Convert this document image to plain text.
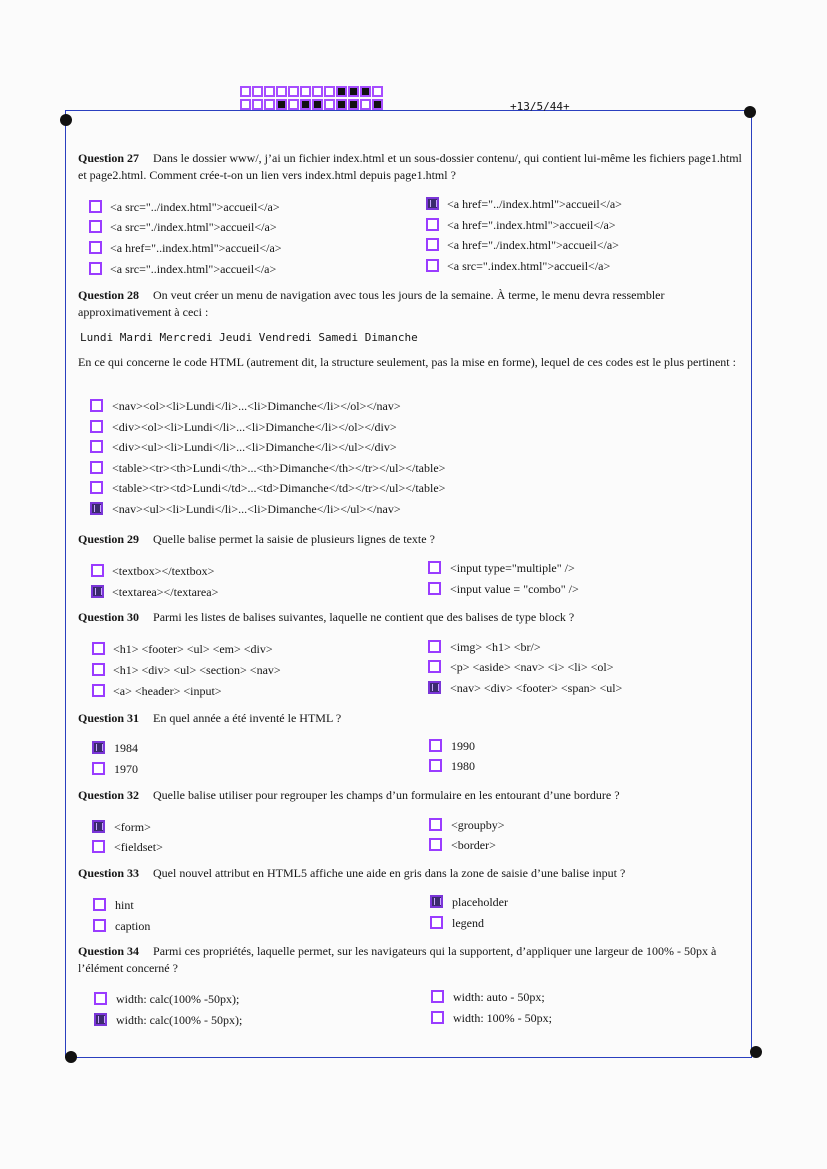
+13/5/44+
Question 27 Dans le dossier www/, j’ai un fichier index.html et un sous-dossier contenu/, qui contient lui-même les fichiers page1.html et page2.html. Comment crée-t-on un lien vers index.html depuis page1.html ?
<a src="../index.html">accueil</a>
<a src="./index.html">accueil</a>
<a href="..index.html">accueil</a>
<a src="..index.html">accueil</a>
<a href="../index.html">accueil</a>
<a href=".index.html">accueil</a>
<a href="./index.html">accueil</a>
<a src=".index.html">accueil</a>
Question 28 On veut créer un menu de navigation avec tous les jours de la semaine. À terme, le menu devra ressembler approximativement à ceci :
Lundi Mardi Mercredi Jeudi Vendredi Samedi Dimanche
En ce qui concerne le code HTML (autrement dit, la structure seulement, pas la mise en forme), lequel de ces codes est le plus pertinent :
<nav><ol><li>Lundi</li>...<li>Dimanche</li></ol></nav>
<div><ol><li>Lundi</li>...<li>Dimanche</li></ol></div>
<div><ul><li>Lundi</li>...<li>Dimanche</li></ul></div>
<table><tr><th>Lundi</th>...<th>Dimanche</th></tr></ul></table>
<table><tr><td>Lundi</td>...<td>Dimanche</td></tr></ul></table>
<nav><ul><li>Lundi</li>...<li>Dimanche</li></ul></nav>
Question 29 Quelle balise permet la saisie de plusieurs lignes de texte ?
<textbox></textbox>
<textarea></textarea>
<input type="multiple" />
<input value = "combo" />
Question 30 Parmi les listes de balises suivantes, laquelle ne contient que des balises de type block ?
<h1> <footer> <ul> <em> <div>
<h1> <div> <ul> <section> <nav>
<a> <header> <input>
<img> <h1> <br/>
<p> <aside> <nav> <i> <li> <ol>
<nav> <div> <footer> <span> <ul>
Question 31 En quel année a été inventé le HTML ?
1984
1970
1990
1980
Question 32 Quelle balise utiliser pour regrouper les champs d’un formulaire en les entourant d’une bordure ?
<form>
<fieldset>
<groupby>
<border>
Question 33 Quel nouvel attribut en HTML5 affiche une aide en gris dans la zone de saisie d’une balise input ?
hint
caption
placeholder
legend
Question 34 Parmi ces propriétés, laquelle permet, sur les navigateurs qui la supportent, d’appliquer une largeur de 100% - 50px à l’élément concerné ?
width: calc(100% -50px);
width: calc(100% - 50px);
width: auto - 50px;
width: 100% - 50px;
